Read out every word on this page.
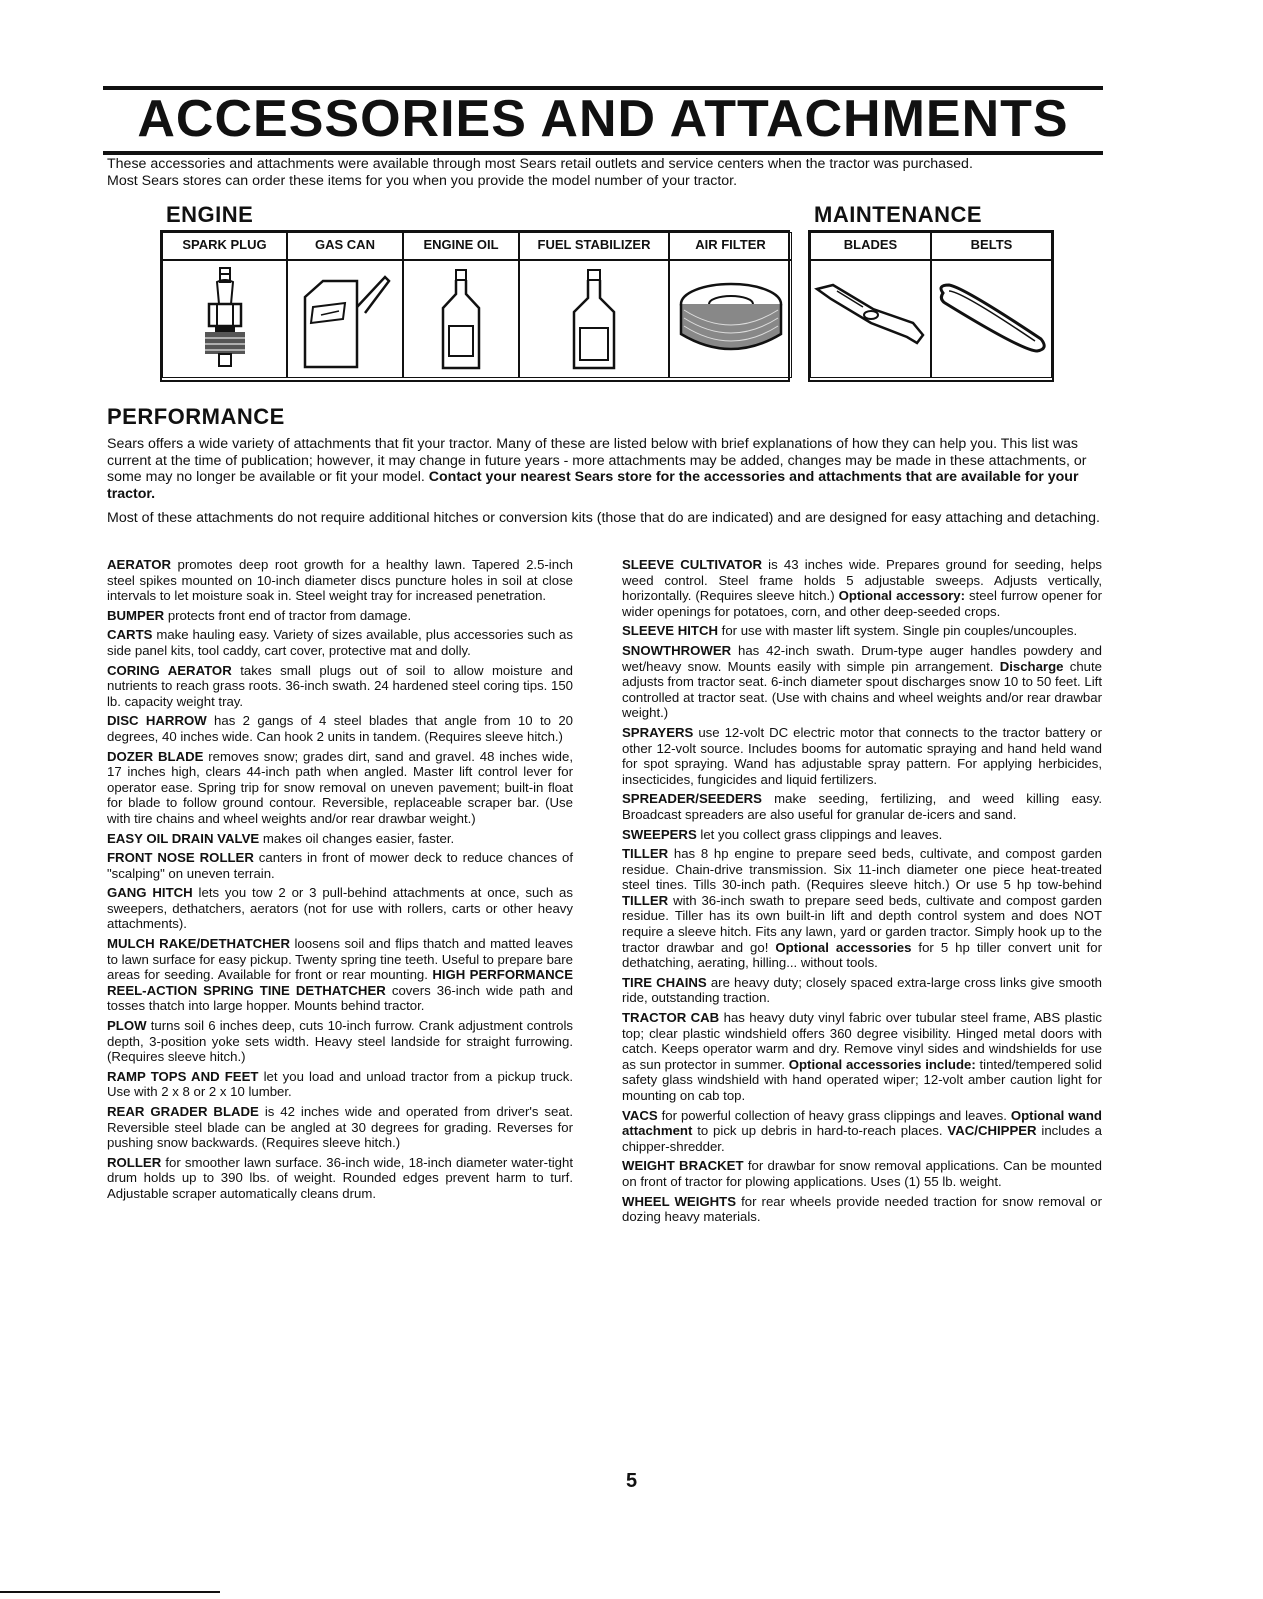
ACCESSORIES AND ATTACHMENTS

These accessories and attachments were available through most Sears retail outlets and service centers when the tractor was purchased.

Most Sears stores can order these items for you when you provide the model number of your tractor.

ENGINE	MAINTENANCE
SPARK PLUG	GAS CAN	ENGINE OIL	FUEL STABILIZER	AIR FILTER	BLADES	BELTS
PERFORMANCE

Sears offers a wide variety of attachments that fit your tractor. Many of these are listed below with brief explanations of how they can help you. This list was current at the time of publication; however, it may change in future years - more attachments may be added, changes may be made in these attachments, or some may no longer be available or fit your model. Contact your nearest Sears store for the accessories and attachments that are available for your tractor.

Most of these attachments do not require additional hitches or conversion kits (those that do are indicated) and are designed for easy attaching and detaching.

AERATOR promotes deep root growth for a healthy lawn. Tapered 2.5-inch steel spikes mounted on 10-inch diameter discs puncture holes in soil at close intervals to let moisture soak in. Steel weight tray for increased penetration.

BUMPER protects front end of tractor from damage.

CARTS make hauling easy. Variety of sizes available, plus accessories such as side panel kits, tool caddy, cart cover, protective mat and dolly.

CORING AERATOR takes small plugs out of soil to allow moisture and nutrients to reach grass roots. 36-inch swath. 24 hardened steel coring tips. 150 lb. capacity weight tray.

DISC HARROW has 2 gangs of 4 steel blades that angle from 10 to 20 degrees, 40 inches wide. Can hook 2 units in tandem. (Requires sleeve hitch.)

DOZER BLADE removes snow; grades dirt, sand and gravel. 48 inches wide, 17 inches high, clears 44-inch path when angled. Master lift control lever for operator ease. Spring trip for snow removal on uneven pavement; built-in float for blade to follow ground contour. Reversible, replaceable scraper bar. (Use with tire chains and wheel weights and/or rear drawbar weight.)

EASY OIL DRAIN VALVE makes oil changes easier, faster.

FRONT NOSE ROLLER canters in front of mower deck to reduce chances of "scalping" on uneven terrain.

GANG HITCH lets you tow 2 or 3 pull-behind attachments at once, such as sweepers, dethatchers, aerators (not for use with rollers, carts or other heavy attachments).

MULCH RAKE/DETHATCHER loosens soil and flips thatch and matted leaves to lawn surface for easy pickup. Twenty spring tine teeth. Useful to prepare bare areas for seeding. Available for front or rear mounting. HIGH PERFORMANCE REEL-ACTION SPRING TINE DETHATCHER covers 36-inch wide path and tosses thatch into large hopper. Mounts behind tractor.

PLOW turns soil 6 inches deep, cuts 10-inch furrow. Crank adjustment controls depth, 3-position yoke sets width. Heavy steel landside for straight furrowing. (Requires sleeve hitch.)

RAMP TOPS AND FEET let you load and unload tractor from a pickup truck. Use with 2 x 8 or 2 x 10 lumber.

REAR GRADER BLADE is 42 inches wide and operated from driver's seat. Reversible steel blade can be angled at 30 degrees for grading. Reverses for pushing snow backwards. (Requires sleeve hitch.)

ROLLER for smoother lawn surface. 36-inch wide, 18-inch diameter water-tight drum holds up to 390 lbs. of weight. Rounded edges prevent harm to turf. Adjustable scraper automatically cleans drum.

SLEEVE CULTIVATOR is 43 inches wide. Prepares ground for seeding, helps weed control. Steel frame holds 5 adjustable sweeps. Adjusts vertically, horizontally. (Requires sleeve hitch.) Optional accessory: steel furrow opener for wider openings for potatoes, corn, and other deep-seeded crops.

SLEEVE HITCH for use with master lift system. Single pin couples/uncouples.

SNOWTHROWER has 42-inch swath. Drum-type auger handles powdery and wet/heavy snow. Mounts easily with simple pin arrangement. Discharge chute adjusts from tractor seat. 6-inch diameter spout discharges snow 10 to 50 feet. Lift controlled at tractor seat. (Use with chains and wheel weights and/or rear drawbar weight.)

SPRAYERS use 12-volt DC electric motor that connects to the tractor battery or other 12-volt source. Includes booms for automatic spraying and hand held wand for spot spraying. Wand has adjustable spray pattern. For applying herbicides, insecticides, fungicides and liquid fertilizers.

SPREADER/SEEDERS make seeding, fertilizing, and weed killing easy. Broadcast spreaders are also useful for granular de-icers and sand.

SWEEPERS let you collect grass clippings and leaves.

TILLER has 8 hp engine to prepare seed beds, cultivate, and compost garden residue. Chain-drive transmission. Six 11-inch diameter one piece heat-treated steel tines. Tills 30-inch path. (Requires sleeve hitch.) Or use 5 hp tow-behind TILLER with 36-inch swath to prepare seed beds, cultivate and compost garden residue. Tiller has its own built-in lift and depth control system and does NOT require a sleeve hitch. Fits any lawn, yard or garden tractor. Simply hook up to the tractor drawbar and go! Optional accessories for 5 hp tiller convert unit for dethatching, aerating, hilling... without tools.

TIRE CHAINS are heavy duty; closely spaced extra-large cross links give smooth ride, outstanding traction.

TRACTOR CAB has heavy duty vinyl fabric over tubular steel frame, ABS plastic top; clear plastic windshield offers 360 degree visibility. Hinged metal doors with catch. Keeps operator warm and dry. Remove vinyl sides and windshields for use as sun protector in summer. Optional accessories include: tinted/tempered solid safety glass windshield with hand operated wiper; 12-volt amber caution light for mounting on cab top.

VACS for powerful collection of heavy grass clippings and leaves. Optional wand attachment to pick up debris in hard-to-reach places. VAC/CHIPPER includes a chipper-shredder.

WEIGHT BRACKET for drawbar for snow removal applications. Can be mounted on front of tractor for plowing applications. Uses (1) 55 lb. weight.

WHEEL WEIGHTS for rear wheels provide needed traction for snow removal or dozing heavy materials.

5
